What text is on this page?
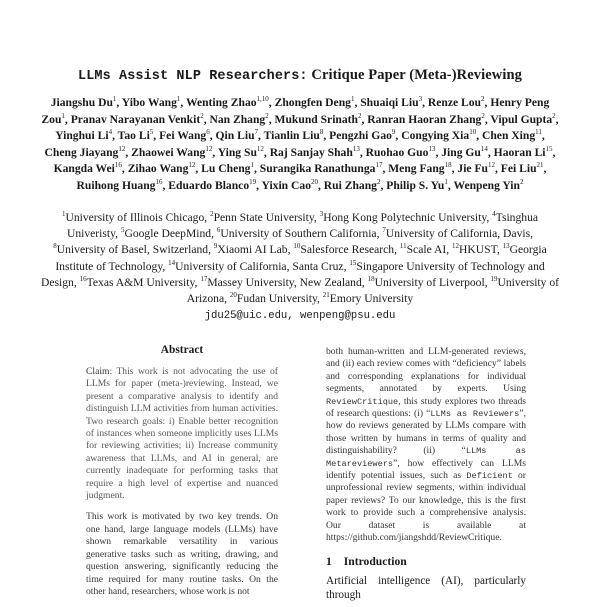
LLMs Assist NLP Researchers: Critique Paper (Meta-)Reviewing
Jiangshu Du$^1$, Yibo Wang$^1$, Wenting Zhao$^{1,10}$, Zhongfen Deng$^1$, Shuaiqi Liu$^3$, Renze Lou$^2$, Henry Peng Zou$^1$, Pranav Narayanan Venkit$^2$, Nan Zhang$^2$, Mukund Srinath$^2$, Ranran Haoran Zhang$^2$, Vipul Gupta$^2$, Yinghui Li$^4$, Tao Li$^5$, Fei Wang$^6$, Qin Liu$^7$, Tianlin Liu$^8$, Pengzhi Gao$^9$, Congying Xia$^{10}$, Chen Xing$^{11}$, Cheng Jiayang$^{12}$, Zhaowei Wang$^{12}$, Ying Su$^{12}$, Raj Sanjay Shah$^{13}$, Ruohao Guo$^{13}$, Jing Gu$^{14}$, Haoran Li$^{15}$, Kangda Wei$^{16}$, Zihao Wang$^{12}$, Lu Cheng$^1$, Surangika Ranathunga$^{17}$, Meng Fang$^{18}$, Jie Fu$^{12}$, Fei Liu$^{21}$, Ruihong Huang$^{16}$, Eduardo Blanco$^{19}$, Yixin Cao$^{20}$, Rui Zhang$^2$, Philip S. Yu$^1$, Wenpeng Yin$^2$
$^1$University of Illinois Chicago, $^2$Penn State University, $^3$Hong Kong Polytechnic University, $^4$Tsinghua Univeristy, $^5$Google DeepMind, $^6$University of Southern California, $^7$University of California, Davis, $^8$University of Basel, Switzerland, $^9$Xiaomi AI Lab, $^{10}$Salesforce Research, $^{11}$Scale AI, $^{12}$HKUST, $^{13}$Georgia Institute of Technology, $^{14}$University of California, Santa Cruz, $^{15}$Singapore University of Technology and Design, $^{16}$Texas A&M University, $^{17}$Massey University, New Zealand, $^{18}$University of Liverpool, $^{19}$University of Arizona, $^{20}$Fudan University, $^{21}$Emory University
jdu25@uic.edu, wenpeng@psu.edu
Abstract

Claim: This work is not advocating the use of LLMs for paper (meta-)reviewing. Instead, we present a comparative analysis to identify and distinguish LLM activities from human activities. Two research goals: i) Enable better recognition of instances when someone implicitly uses LLMs for reviewing activities; ii) Increase community awareness that LLMs, and AI in general, are currently inadequate for performing tasks that require a high level of expertise and nuanced judgment.

This work is motivated by two key trends. On one hand, large language models (LLMs) have shown remarkable versatility in various generative tasks such as writing, drawing, and question answering, significantly reducing the time required for many routine tasks. On the other hand, researchers, whose work is not

both human-written and LLM-generated reviews, and (ii) each review comes with “deficiency” labels and corresponding explanations for individual segments, annotated by experts. Using ReviewCritique, this study explores two threads of research questions: (i) “LLMs as Reviewers”, how do reviews generated by LLMs compare with those written by humans in terms of quality and distinguishability? (ii) “LLMs as Metareviewers”, how effectively can LLMs identify potential issues, such as Deficient or unprofessional review segments, within individual paper reviews? To our knowledge, this is the first work to provide such a comprehensive analysis. Our dataset is available at https://github.com/jiangshdd/ReviewCritique.

1 Introduction
Artificial intelligence (AI), particularly through
